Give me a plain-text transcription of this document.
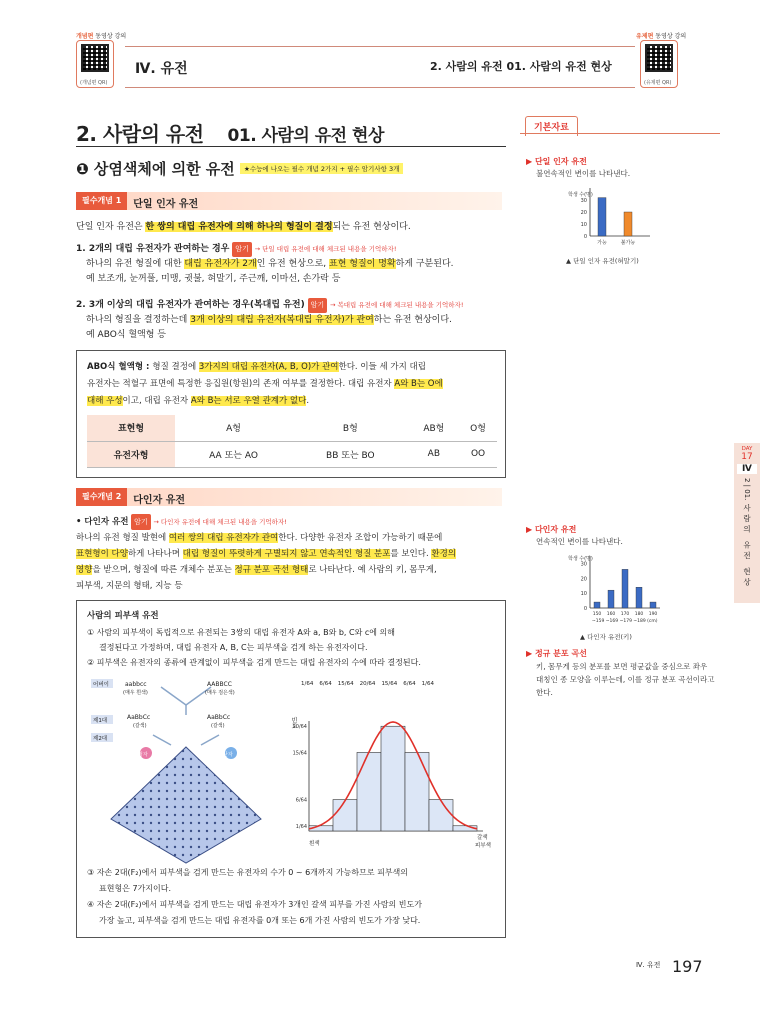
개념편 동영상 강의
(개념편 QR)
Ⅳ. 유전	2. 사람의 유전 01. 사람의 유전 현상
유제편 동영상 강의
(유제편 QR)
2. 사람의 유전 01. 사람의 유전 현상
❶ 상염색체에 의한 유전	★수능에 나오는 필수 개념 2가지 + 필수 암기사항 3개
필수개념 1 단일 인자 유전
단일 인자 유전은 한 쌍의 대립 유전자에 의해 하나의 형질이 결정되는 유전 현상이다.
1. 2개의 대립 유전자가 관여하는 경우 암기 → 단일 대립 유전에 대해 체크된 내용을 기억하자!
하나의 유전 형질에 대한 대립 유전자가 2개인 유전 현상으로, 표현 형질이 명확하게 구분된다.
예 보조개, 눈꺼풀, 미맹, 귓불, 혀말기, 주근깨, 이마선, 손가락 등
2. 3개 이상의 대립 유전자가 관여하는 경우(복대립 유전) 암기 → 복대립 유전에 대해 체크된 내용을 기억하자!
하나의 형질을 결정하는데 3개 이상의 대립 유전자(복대립 유전자)가 관여하는 유전 현상이다.
예 ABO식 혈액형 등
ABO식 혈액형 : 형질 결정에 3가지의 대립 유전자(A, B, O)가 관여한다. 이들 세 가지 대립
유전자는 적혈구 표면에 특정한 응집원(항원)의 존재 여부를 결정한다. 대립 유전자 A와 B는 O에
대해 우성이고, 대립 유전자 A와 B는 서로 우열 관계가 없다.
표현형	A형	B형	AB형	O형
유전자형	AA 또는 AO	BB 또는 BO	AB	OO
필수개념 2 다인자 유전
• 다인자 유전 암기 → 다인자 유전에 대해 체크된 내용을 기억하자!
하나의 유전 형질 발현에 여러 쌍의 대립 유전자가 관여한다. 다양한 유전자 조합이 가능하기 때문에
표현형이 다양하게 나타나며 대립 형질이 뚜렷하게 구별되지 않고 연속적인 형질 분포를 보인다. 환경의
영향을 받으며, 형질에 따른 개체수 분포는 정규 분포 곡선 형태로 나타난다. 예 사람의 키, 몸무게,
피부색, 지문의 형태, 지능 등
사람의 피부색 유전
① 사람의 피부색이 독립적으로 유전되는 3쌍의 대립 유전자 A와 a, B와 b, C와 c에 의해
결정된다고 가정하며, 대립 유전자 A, B, C는 피부색을 검게 하는 유전자이다.
② 피부색은 유전자의 종류에 관계없이 피부색을 검게 만드는 대립 유전자의 수에 따라 결정된다.
어버이
제1대
제2대
aabbcc
(매우 흰색)
AABBCC
(매우 검은색)
AaBbCc
(갈색)
AaBbCc
(갈색)
정자	난자
1/64 6/64 15/64 20/64 15/64 6/64 1/64
1/64
6/64
15/64
20/64
빈도
흰색
갈색
피부색
③ 자손 2대(F₂)에서 피부색을 검게 만드는 유전자의 수가 0 ~ 6개까지 가능하므로 피부색의
표현형은 7가지이다.
④ 자손 2대(F₂)에서 피부색을 검게 만드는 대립 유전자가 3개인 갈색 피부를 가진 사람의 빈도가
가장 높고, 피부색을 검게 만드는 대립 유전자를 0개 또는 6개 가진 사람의 빈도가 가장 낮다.
기본자료
▶ 단일 인자 유전
불연속적인 변이를 나타낸다.
학생 수(명)
0
10
20
30
가능	불가능
▲ 단일 인자 유전(혀말기)
▶ 다인자 유전
연속적인 변이를 나타낸다.
학생 수(명)
0
10
20
30
150 160 170 180 190
~159 ~169 ~179 ~189 (cm)
▲ 다인자 유전(키)
▶ 정규 분포 곡선
키, 몸무게 등의 분포를 보면 평균값을 중심으로 좌우 대칭인 종 모양을 이루는데, 이를 정규 분포 곡선이라고 한다.
DAY
17
Ⅳ
2 | 01.
사람의 유전 현상
Ⅳ. 유전 197
